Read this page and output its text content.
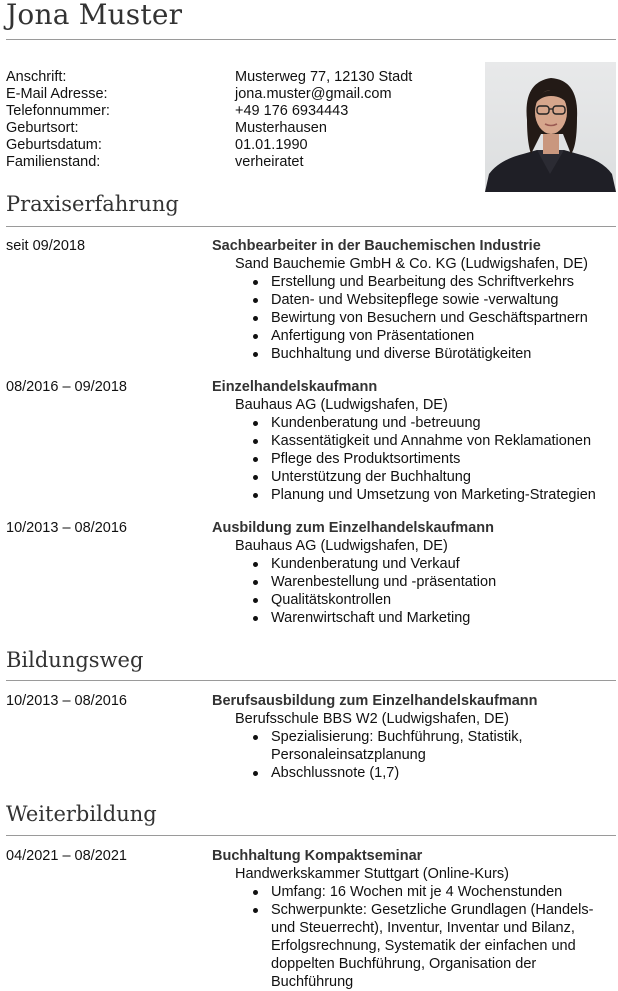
Jona Muster
Anschrift:	Musterweg 77, 12130 Stadt
E-Mail Adresse:	jona.muster@gmail.com
Telefonnummer:	+49 176 6934443
Geburtsort:	Musterhausen
Geburtsdatum:	01.01.1990
Familienstand:	verheiratet
Praxiserfahrung
seit 09/2018	Sachbearbeiter in der Bauchemischen Industrie
Sand Bauchemie GmbH & Co. KG (Ludwigshafen, DE)
Erstellung und Bearbeitung des Schriftverkehrs
Daten- und Websitepflege sowie -verwaltung
Bewirtung von Besuchern und Geschäftspartnern
Anfertigung von Präsentationen
Buchhaltung und diverse Bürotätigkeiten
08/2016 – 09/2018	Einzelhandelskaufmann
Bauhaus AG (Ludwigshafen, DE)
Kundenberatung und -betreuung
Kassentätigkeit und Annahme von Reklamationen
Pflege des Produktsortiments
Unterstützung der Buchhaltung
Planung und Umsetzung von Marketing-Strategien
10/2013 – 08/2016	Ausbildung zum Einzelhandelskaufmann
Bauhaus AG (Ludwigshafen, DE)
Kundenberatung und Verkauf
Warenbestellung und -präsentation
Qualitätskontrollen
Warenwirtschaft und Marketing
Bildungsweg
10/2013 – 08/2016	Berufsausbildung zum Einzelhandelskaufmann
Berufsschule BBS W2 (Ludwigshafen, DE)
Spezialisierung: Buchführung, Statistik, Personaleinsatzplanung
Abschlussnote (1,7)
Weiterbildung
04/2021 – 08/2021	Buchhaltung Kompaktseminar
Handwerkskammer Stuttgart (Online-Kurs)
Umfang: 16 Wochen mit je 4 Wochenstunden
Schwerpunkte: Gesetzliche Grundlagen (Handels- und Steuerrecht), Inventur, Inventar und Bilanz, Erfolgsrechnung, Systematik der einfachen und doppelten Buchführung, Organisation der Buchführung
